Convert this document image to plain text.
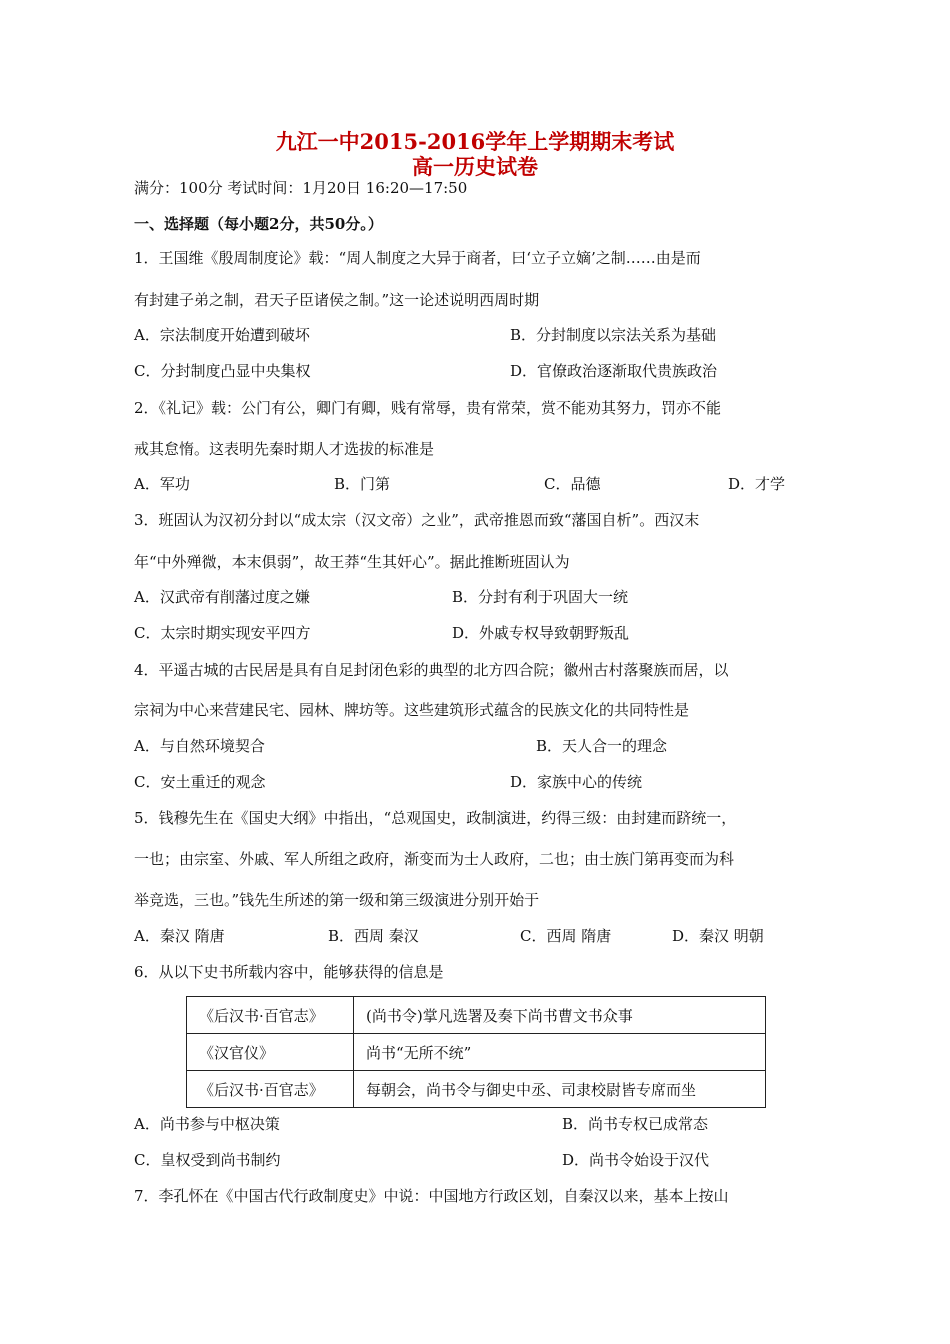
九江一中2015-2016学年上学期期末考试
高一历史试卷
满分：100分 考试时间：1月20日 16:20—17:50
一、选择题（每小题2分，共50分。）
1．王国维《殷周制度论》载：“周人制度之大异于商者，曰‘立子立嫡’之制……由是而
有封建子弟之制，君天子臣诸侯之制。”这一论述说明西周时期
A．宗法制度开始遭到破坏	B．分封制度以宗法关系为基础
C．分封制度凸显中央集权	D．官僚政治逐渐取代贵族政治
2．《礼记》载：公门有公，卿门有卿，贱有常辱，贵有常荣，赏不能劝其努力，罚亦不能
戒其怠惰。这表明先秦时期人才选拔的标准是
A．军功	B．门第	C．品德	D．才学
3．班固认为汉初分封以“成太宗（汉文帝）之业”，武帝推恩而致“藩国自析”。西汉末
年“中外殚微，本末俱弱”，故王莽“生其奸心”。据此推断班固认为
A．汉武帝有削藩过度之嫌	B．分封有利于巩固大一统
C．太宗时期实现安平四方	D．外戚专权导致朝野叛乱
4．平遥古城的古民居是具有自足封闭色彩的典型的北方四合院；徽州古村落聚族而居，以
宗祠为中心来营建民宅、园林、牌坊等。这些建筑形式蕴含的民族文化的共同特性是
A．与自然环境契合	B．天人合一的理念
C．安土重迁的观念	D．家族中心的传统
5．钱穆先生在《国史大纲》中指出，“总观国史，政制演进，约得三级：由封建而跻统一，
一也；由宗室、外戚、军人所组之政府，渐变而为士人政府，二也；由士族门第再变而为科
举竞选，三也。”钱先生所述的第一级和第三级演进分别开始于
A．秦汉 隋唐	B．西周 秦汉	C．西周 隋唐	D．秦汉 明朝
6．从以下史书所载内容中，能够获得的信息是
《后汉书·百官志》	(尚书令)掌凡选署及奏下尚书曹文书众事
《汉官仪》	尚书“无所不统”
《后汉书·百官志》	每朝会，尚书令与御史中丞、司隶校尉皆专席而坐
A．尚书参与中枢决策	B．尚书专权已成常态
C．皇权受到尚书制约	D．尚书令始设于汉代
7．李孔怀在《中国古代行政制度史》中说：中国地方行政区划，自秦汉以来，基本上按山
